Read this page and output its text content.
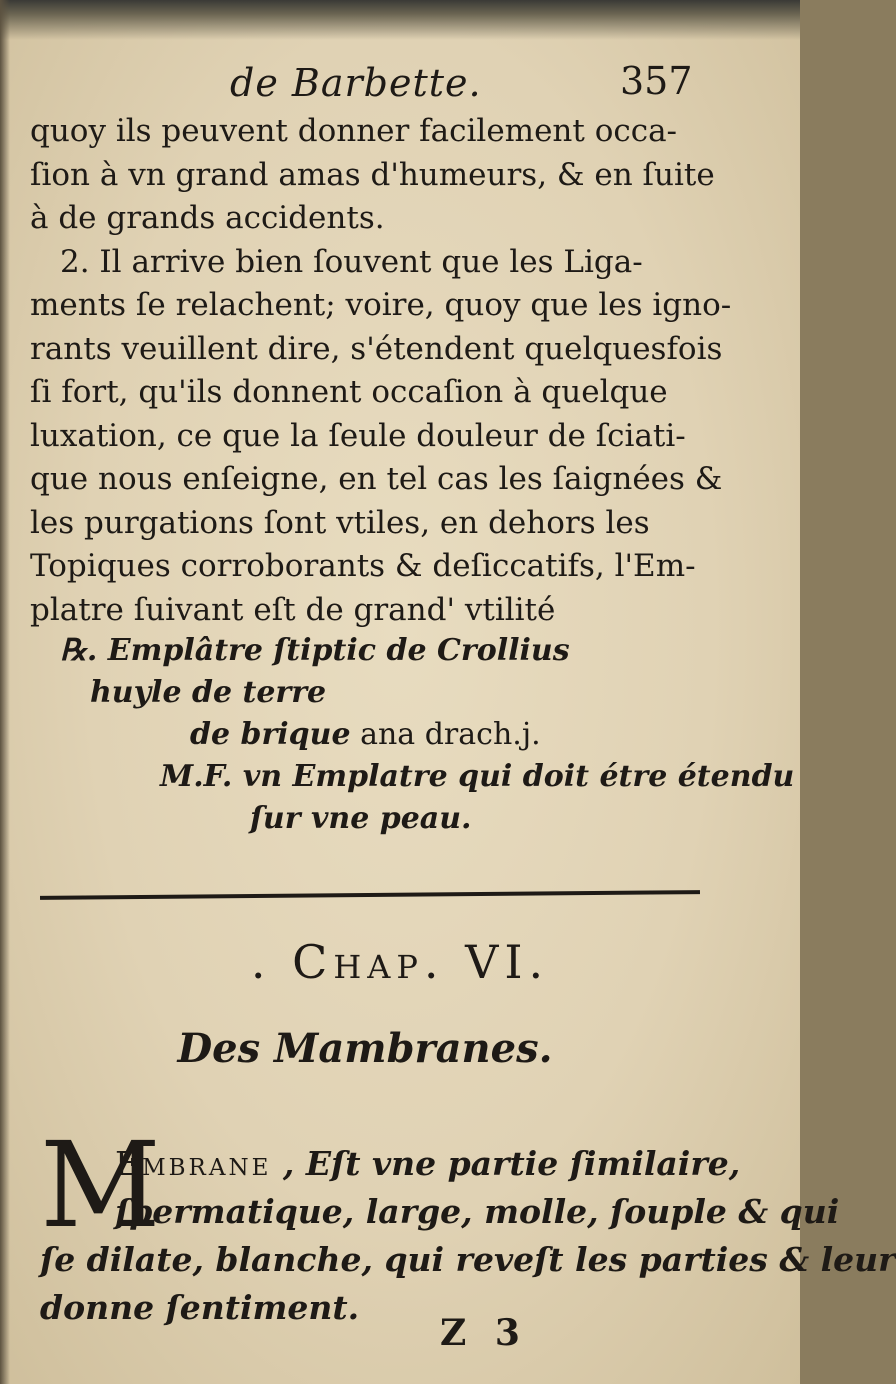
de Barbette.	357
quoy ils peuvent donner facilement occa-
ſion à vn grand amas d'humeurs, & en ſuite
à de grands accidents.
2. Il arrive bien ſouvent que les Liga-
ments ſe relachent; voire, quoy que les igno-
rants veuillent dire, s'étendent quelquesfois
ſi fort, qu'ils donnent occaſion à quelque
luxation, ce que la ſeule douleur de ſciati-
que nous enſeigne, en tel cas les ſaignées &
les purgations ſont vtiles, en dehors les
Topiques corroborants & deſiccatifs, l'Em-
platre ſuivant eſt de grand' vtilité
℞. Emplâtre ſtiptic de Crollius
huyle de terre
de brique ana drach.j.
M.F. vn Emplatre qui doit étre étendu
ſur vne peau.
. Chap. VI.
Des Mambranes.
M
Embrane , Eſt vne partie ſimilaire,
ſpermatique, large, molle, ſouple & qui
ſe dilate, blanche, qui reveſt les parties & leur
donne ſentiment.
Z 3
